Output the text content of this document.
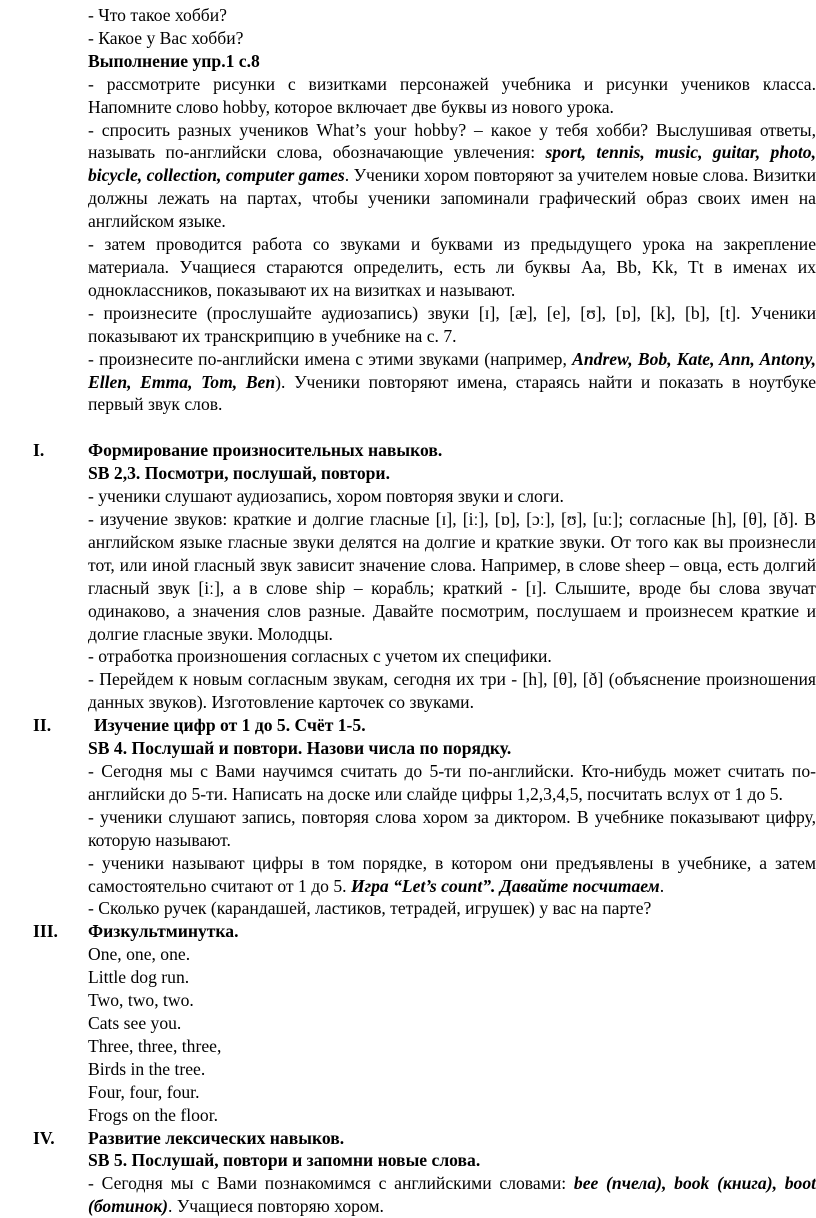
- Что такое хобби?

- Какое у Вас хобби?

Выполнение упр.1 с.8

- рассмотрите рисунки с визитками персонажей учебника и рисунки учеников класса. Напомните слово hobby, которое включает две буквы из нового урока.

- спросить разных учеников What’s your hobby? – какое у тебя хобби? Выслушивая ответы, называть по-английски слова, обозначающие увлечения: sport, tennis, music, guitar, photo, bicycle, collection, computer games. Ученики хором повторяют за учителем новые слова. Визитки должны лежать на партах, чтобы ученики запоминали графический образ своих имен на английском языке.

- затем проводится работа со звуками и буквами из предыдущего урока на закрепление материала. Учащиеся стараются определить, есть ли буквы Aa, Bb, Kk, Tt в именах их одноклассников, показывают их на визитках и называют.

- произнесите (прослушайте аудиозапись) звуки [ɪ], [æ], [e], [ʊ], [ɒ], [k], [b], [t]. Ученики показывают их транскрипцию в учебнике на с. 7.

- произнесите по-английски имена с этими звуками (например, Andrew, Bob, Kate, Ann, Antony, Ellen, Emma, Tom, Ben). Ученики повторяют имена, стараясь найти и показать в ноутбуке первый звук слов.

I. Формирование произносительных навыков.

SB 2,3. Посмотри, послушай, повтори.

- ученики слушают аудиозапись, хором повторяя звуки и слоги.

- изучение звуков: краткие и долгие гласные [ɪ], [iː], [ɒ], [ɔː], [ʊ], [uː]; согласные [h], [θ], [ð]. В английском языке гласные звуки делятся на долгие и краткие звуки. От того как вы произнесли тот, или иной гласный звук зависит значение слова. Например, в слове sheep – овца, есть долгий гласный звук [iː], а в слове ship – корабль; краткий - [ɪ]. Слышите, вроде бы слова звучат одинаково, а значения слов разные. Давайте посмотрим, послушаем и произнесем краткие и долгие гласные звуки. Молодцы.

- отработка произношения согласных с учетом их специфики.

- Перейдем к новым согласным звукам, сегодня их три - [h], [θ], [ð] (объяснение произношения данных звуков). Изготовление карточек со звуками.

II.	Изучение цифр от 1 до 5. Счёт 1-5.

SB 4. Послушай и повтори. Назови числа по порядку.

- Сегодня мы с Вами научимся считать до 5-ти по-английски. Кто-нибудь может считать по-английски до 5-ти. Написать на доске или слайде цифры 1,2,3,4,5, посчитать вслух от 1 до 5.

- ученики слушают запись, повторяя слова хором за диктором. В учебнике показывают цифру, которую называют.

- ученики называют цифры в том порядке, в котором они предъявлены в учебнике, а затем самостоятельно считают от 1 до 5. Игра “Let’s count”. Давайте посчитаем.

- Сколько ручек (карандашей, ластиков, тетрадей, игрушек) у вас на парте?

III. Физкультминутка.

One, one, one.

Little dog run.

Two, two, two.

Cats see you.

Three, three, three,

Birds in the tree.

Four, four, four.

Frogs on the floor.

IV. Развитие лексических навыков.

SB 5. Послушай, повтори и запомни новые слова.

- Сегодня мы с Вами познакомимся с английскими словами: bee (пчела), book (книга), boot (ботинок). Учащиеся повторяю хором.
